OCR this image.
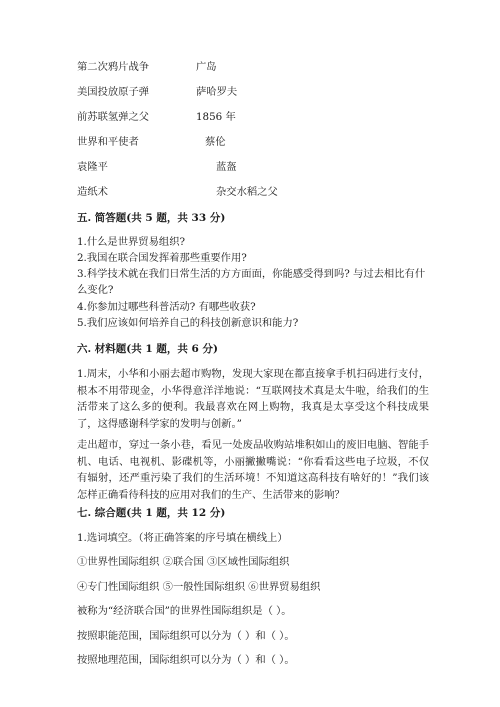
第二次鸦片战争	广岛
美国投放原子弹	萨哈罗夫
前苏联氢弹之父	1856 年
世界和平使者	蔡伦
袁隆平	蓝盔
造纸术	杂交水稻之父
五. 简答题(共 5 题，共 33 分)
1.什么是世界贸易组织?
2.我国在联合国发挥着那些重要作用?
3.科学技术就在我们日常生活的方方面面，你能感受得到吗? 与过去相比有什
么变化?
4.你参加过哪些科普活动? 有哪些收获?
5.我们应该如何培养自己的科技创新意识和能力?
六. 材料题(共 1 题，共 6 分)
1.周末，小华和小丽去超市购物，发现大家现在都直接拿手机扫码进行支付，根本不用带现金，小华得意洋洋地说：“互联网技术真是太牛啦，给我们的生活带来了这么多的便利。我最喜欢在网上购物，我真是太享受这个科技成果了，这得感谢科学家的发明与创新。”
走出超市，穿过一条小巷，看见一处废品收购站堆积如山的废旧电脑、智能手机、电话、电视机、影碟机等，小丽撇撇嘴说：“你看看这些电子垃圾，不仅有辐射，还严重污染了我们的生活环境！不知道这高科技有啥好的！”我们该怎样正确看待科技的应用对我们的生产、生活带来的影响？
七. 综合题(共 1 题，共 12 分)
1.选词填空。（将正确答案的序号填在横线上）
①世界性国际组织 ②联合国 ③区域性国际组织
④专门性国际组织 ⑤一般性国际组织 ⑥世界贸易组织
被称为“经济联合国”的世界性国际组织是（ ）。
按照职能范围，国际组织可以分为（ ）和（ ）。
按照地理范围，国际组织可以分为（ ）和（ ）。
